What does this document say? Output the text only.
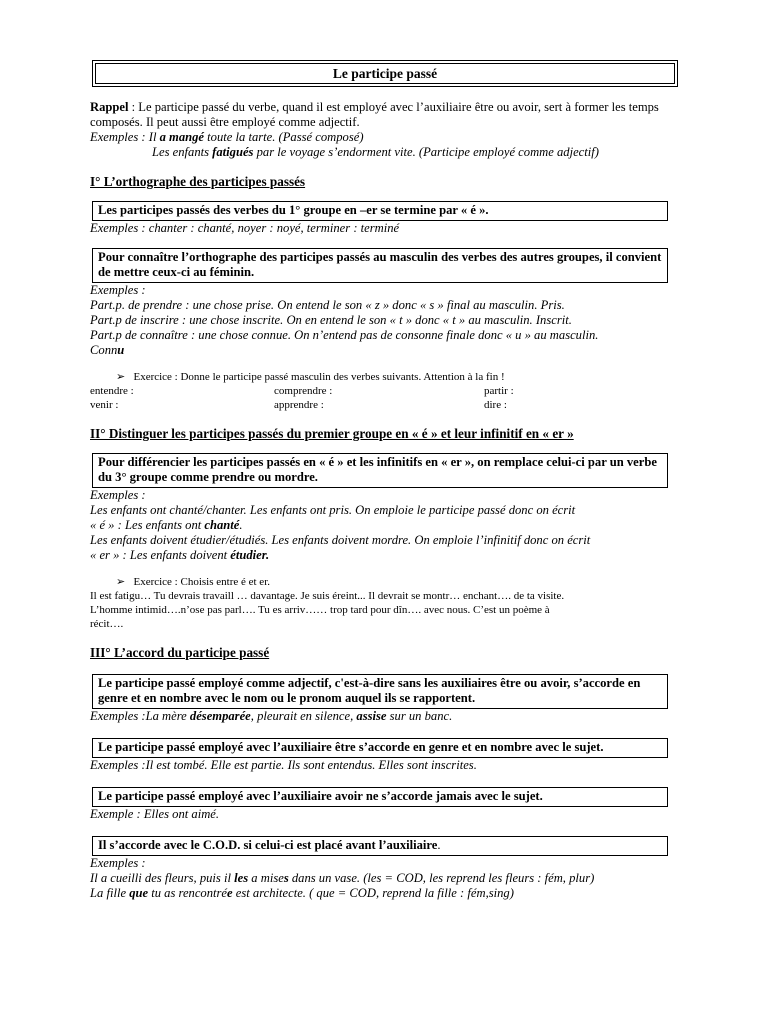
Le participe passé
Rappel : Le participe passé du verbe, quand il est employé avec l’auxiliaire être ou avoir, sert à former les temps composés. Il peut aussi être employé comme adjectif.
Exemples : Il a mangé toute la tarte. (Passé composé)
Les enfants fatigués par le voyage s’endorment vite. (Participe employé comme adjectif)
I° L’orthographe des participes passés
Les participes passés des verbes du 1° groupe en –er se termine par « é ».
Exemples : chanter : chanté, noyer : noyé, terminer : terminé
Pour connaître l’orthographe des participes passés au masculin des verbes des autres groupes, il convient de mettre ceux-ci au féminin.
Exemples :
Part.p. de prendre : une chose prise. On entend le son « z » donc « s » final au masculin. Pris.
Part.p de inscrire : une chose inscrite. On en entend le son « t » donc « t » au masculin. Inscrit.
Part.p de connaître : une chose connue. On n’entend pas de consonne finale donc « u » au masculin.
Connu
➢ Exercice : Donne le participe passé masculin des verbes suivants. Attention à la fin !
entendre :	comprendre :	partir :
venir :	apprendre :	dire :
II° Distinguer les participes passés du premier groupe en « é » et leur infinitif en « er »
Pour différencier les participes passés en « é » et les infinitifs en « er », on remplace celui-ci par un verbe du 3° groupe comme prendre ou mordre.
Exemples :
Les enfants ont chanté/chanter. Les enfants ont pris. On emploie le participe passé donc on écrit
« é » : Les enfants ont chanté.
Les enfants doivent étudier/étudiés. Les enfants doivent mordre. On emploie l’infinitif donc on écrit
« er » : Les enfants doivent étudier.
➢ Exercice : Choisis entre é et er.
Il est fatigu… Tu devrais travaill … davantage. Je suis éreint... Il devrait se montr… enchant…. de ta visite.
L’homme intimid….n’ose pas parl…. Tu es arriv…… trop tard pour dîn…. avec nous. C’est un poème à
récit….
III° L’accord du participe passé
Le participe passé employé comme adjectif, c'est-à-dire sans les auxiliaires être ou avoir, s’accorde en genre et en nombre avec le nom ou le pronom auquel ils se rapportent.
Exemples :La mère désemparée, pleurait en silence, assise sur un banc.
Le participe passé employé avec l’auxiliaire être s’accorde en genre et en nombre avec le sujet.
Exemples :Il est tombé. Elle est partie. Ils sont entendus. Elles sont inscrites.
Le participe passé employé avec l’auxiliaire avoir ne s’accorde jamais avec le sujet.
Exemple : Elles ont aimé.
Il s’accorde avec le C.O.D. si celui-ci est placé avant l’auxiliaire.
Exemples :
Il a cueilli des fleurs, puis il les a mises dans un vase. (les = COD, les reprend les fleurs : fém, plur)
La fille que tu as rencontrée est architecte. ( que = COD, reprend la fille : fém,sing)
